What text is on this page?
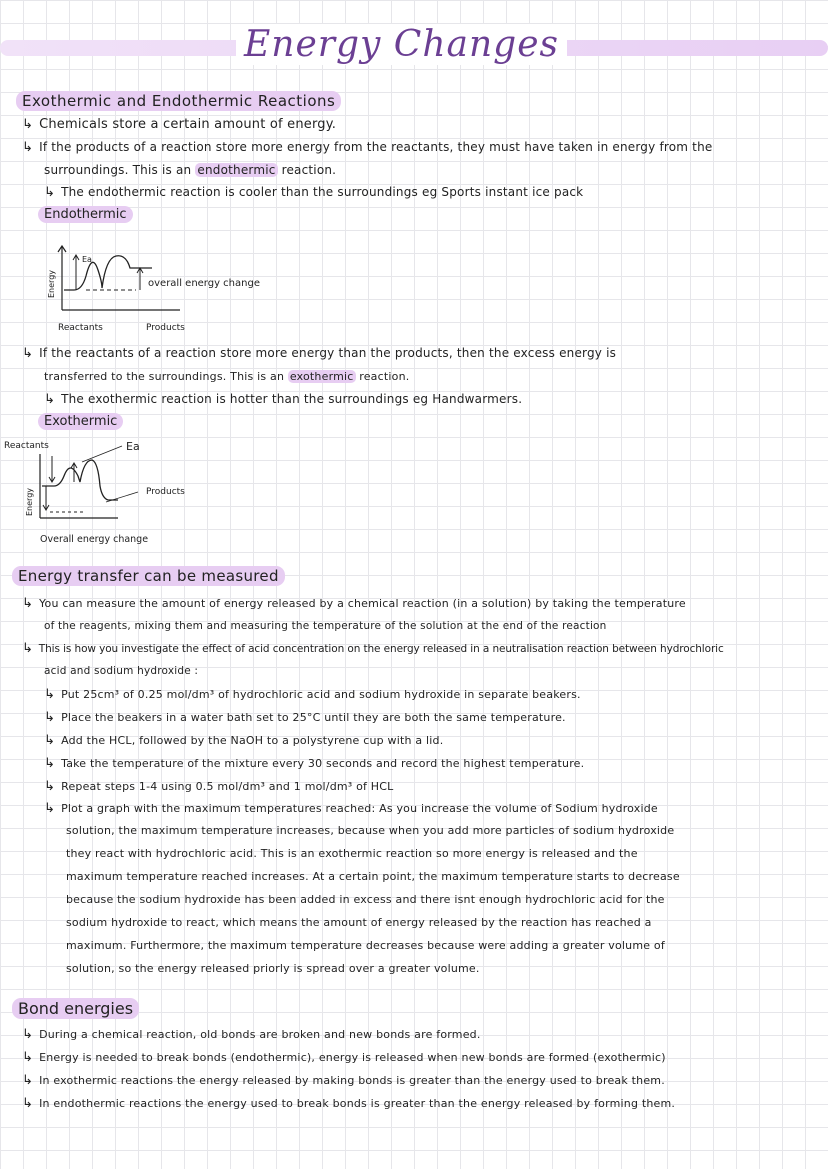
Energy Changes
Exothermic and Endothermic Reactions
↳ Chemicals store a certain amount of energy.
↳ If the products of a reaction store more energy from the reactants, they must have taken in energy from the
surroundings. This is an endothermic reaction.
↳ The endothermic reaction is cooler than the surroundings eg Sports instant ice pack
Endothermic
Ea
overall energy change
Energy
Reactants	Products
↳ If the reactants of a reaction store more energy than the products, then the excess energy is
transferred to the surroundings. This is an exothermic reaction.
↳ The exothermic reaction is hotter than the surroundings eg Handwarmers.
Exothermic
Reactants	Ea
Products
Energy
Overall energy change
Energy transfer can be measured
↳ You can measure the amount of energy released by a chemical reaction (in a solution) by taking the temperature
of the reagents, mixing them and measuring the temperature of the solution at the end of the reaction
↳ This is how you investigate the effect of acid concentration on the energy released in a neutralisation reaction between hydrochloric
acid and sodium hydroxide :
↳ Put 25cm³ of 0.25 mol/dm³ of hydrochloric acid and sodium hydroxide in separate beakers.
↳ Place the beakers in a water bath set to 25°C until they are both the same temperature.
↳ Add the HCL, followed by the NaOH to a polystyrene cup with a lid.
↳ Take the temperature of the mixture every 30 seconds and record the highest temperature.
↳ Repeat steps 1-4 using 0.5 mol/dm³ and 1 mol/dm³ of HCL
↳ Plot a graph with the maximum temperatures reached: As you increase the volume of Sodium hydroxide
solution, the maximum temperature increases, because when you add more particles of sodium hydroxide
they react with hydrochloric acid. This is an exothermic reaction so more energy is released and the
maximum temperature reached increases. At a certain point, the maximum temperature starts to decrease
because the sodium hydroxide has been added in excess and there isnt enough hydrochloric acid for the
sodium hydroxide to react, which means the amount of energy released by the reaction has reached a
maximum. Furthermore, the maximum temperature decreases because were adding a greater volume of
solution, so the energy released priorly is spread over a greater volume.
Bond energies
↳ During a chemical reaction, old bonds are broken and new bonds are formed.
↳ Energy is needed to break bonds (endothermic), energy is released when new bonds are formed (exothermic)
↳ In exothermic reactions the energy released by making bonds is greater than the energy used to break them.
↳ In endothermic reactions the energy used to break bonds is greater than the energy released by forming them.
